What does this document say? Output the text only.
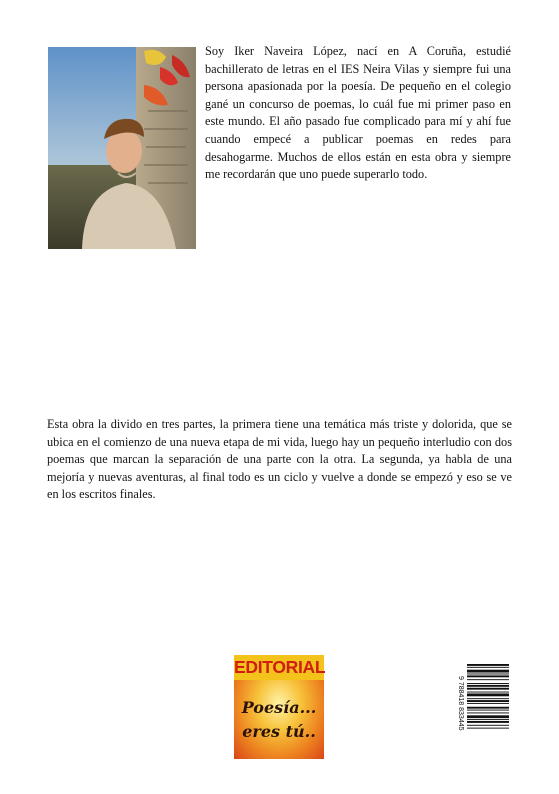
Soy Iker Naveira López, nací en A Coruña, estudié bachillerato de letras en el IES Neira Vilas y siempre fui una persona apasionada por la poesía. De pequeño en el colegio gané un concurso de poemas, lo cuál fue mi primer paso en este mundo. El año pasado fue complicado para mí y ahí fue cuando empecé a publicar poemas en redes para desahogarme. Muchos de ellos están en esta obra y siempre me recordarán que uno puede superarlo todo.

Esta obra la divido en tres partes, la primera tiene una temática más triste y dolorida, que se ubica en el comienzo de una nueva etapa de mi vida, luego hay un pequeño interludio con dos poemas que marcan la separación de una parte con la otra. La segunda, ya habla de una mejoría y nuevas aventuras, al final todo es un ciclo y vuelve a donde se empezó y eso se ve en los escritos finales.

EDITORIAL
Poesía...
eres tú..
9 788418 833445
